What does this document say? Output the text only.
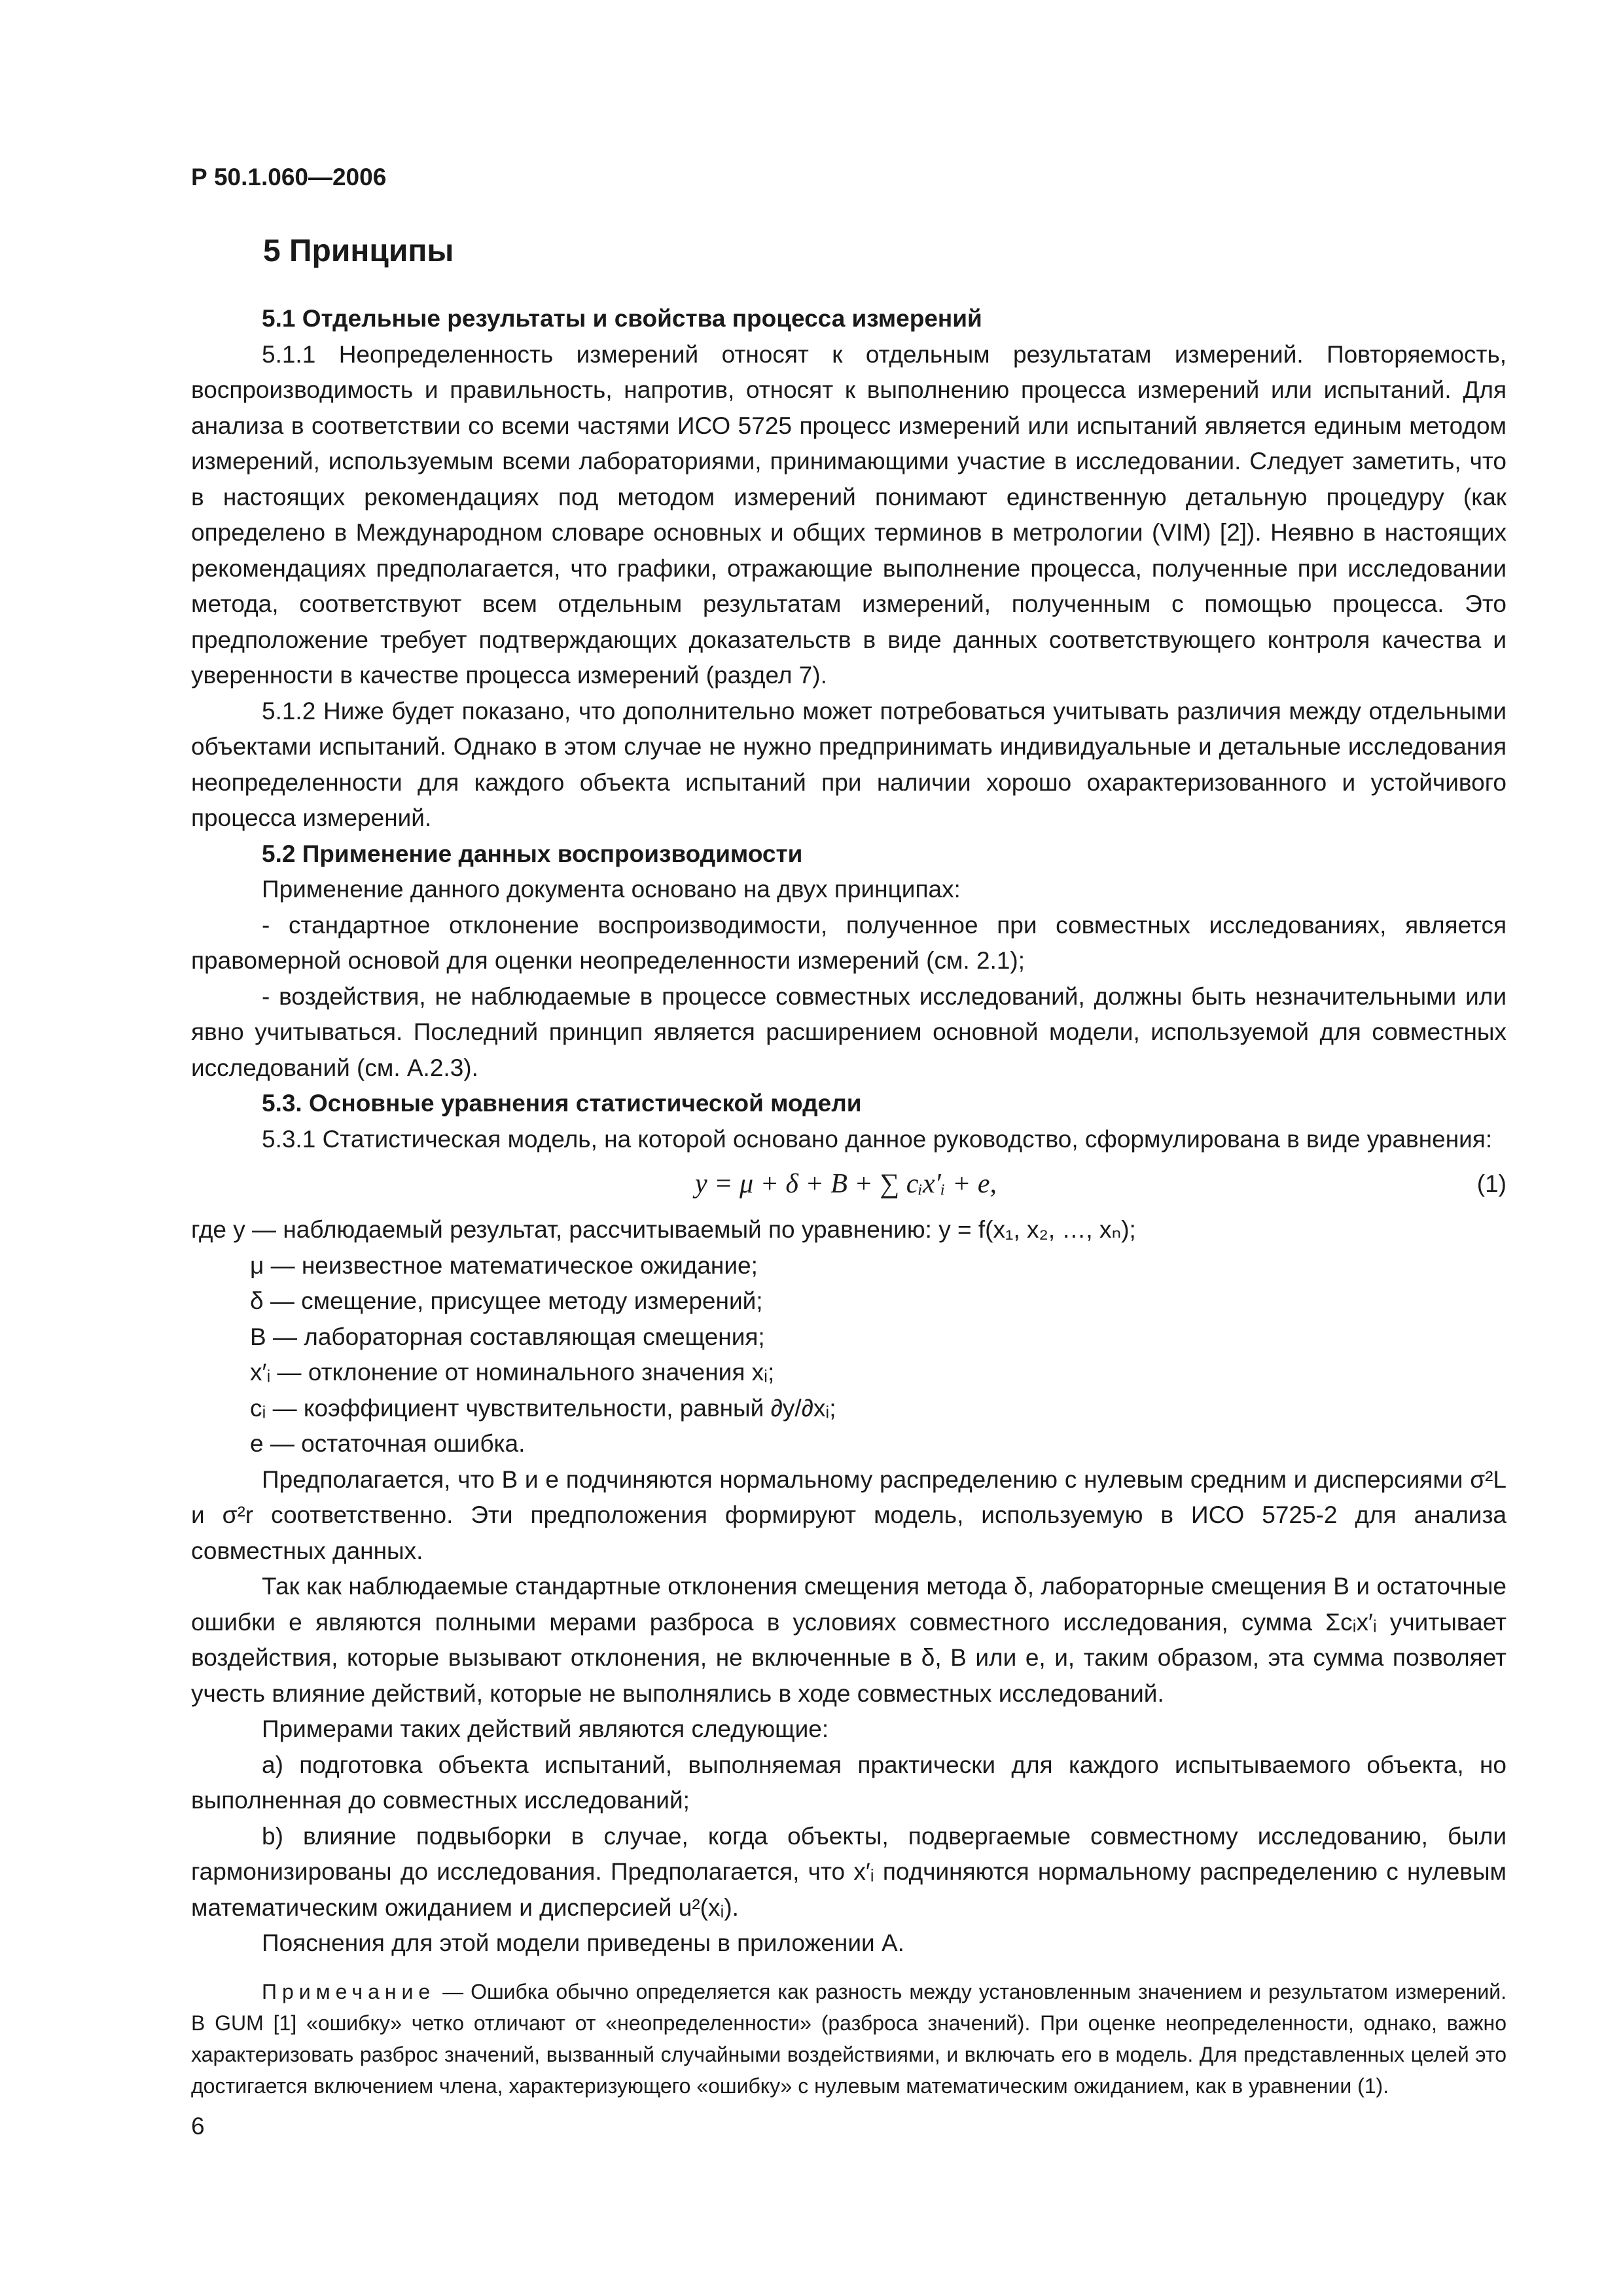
Р 50.1.060—2006
5 Принципы

5.1 Отдельные результаты и свойства процесса измерений

5.1.1 Неопределенность измерений относят к отдельным результатам измерений. Повторяемость, воспроизводимость и правильность, напротив, относят к выполнению процесса измерений или испытаний. Для анализа в соответствии со всеми частями ИСО 5725 процесс измерений или испытаний является единым методом измерений, используемым всеми лабораториями, принимающими участие в исследовании. Следует заметить, что в настоящих рекомендациях под методом измерений понимают единственную детальную процедуру (как определено в Международном словаре основных и общих терминов в метрологии (VIM) [2]). Неявно в настоящих рекомендациях предполагается, что графики, отражающие выполнение процесса, полученные при исследовании метода, соответствуют всем отдельным результатам измерений, полученным с помощью процесса. Это предположение требует подтверждающих доказательств в виде данных соответствующего контроля качества и уверенности в качестве процесса измерений (раздел 7).

5.1.2 Ниже будет показано, что дополнительно может потребоваться учитывать различия между отдельными объектами испытаний. Однако в этом случае не нужно предпринимать индивидуальные и детальные исследования неопределенности для каждого объекта испытаний при наличии хорошо охарактеризованного и устойчивого процесса измерений.

5.2 Применение данных воспроизводимости

Применение данного документа основано на двух принципах:

- стандартное отклонение воспроизводимости, полученное при совместных исследованиях, является правомерной основой для оценки неопределенности измерений (см. 2.1);

- воздействия, не наблюдаемые в процессе совместных исследований, должны быть незначительными или явно учитываться. Последний принцип является расширением основной модели, используемой для совместных исследований (см. А.2.3).

5.3. Основные уравнения статистической модели

5.3.1 Статистическая модель, на которой основано данное руководство, сформулирована в виде уравнения:

y = μ + δ + B + ∑ cᵢx′ᵢ + e,	(1)

где y — наблюдаемый результат, рассчитываемый по уравнению: y = f(x₁, x₂, …, xₙ);

μ — неизвестное математическое ожидание;

δ — смещение, присущее методу измерений;

B — лабораторная составляющая смещения;

x′ᵢ — отклонение от номинального значения xᵢ;

cᵢ — коэффициент чувствительности, равный ∂y/∂xᵢ;

e — остаточная ошибка.

Предполагается, что B и e подчиняются нормальному распределению с нулевым средним и дисперсиями σ²L и σ²r соответственно. Эти предположения формируют модель, используемую в ИСО 5725-2 для анализа совместных данных.

Так как наблюдаемые стандартные отклонения смещения метода δ, лабораторные смещения B и остаточные ошибки e являются полными мерами разброса в условиях совместного исследования, сумма Σcᵢx′ᵢ учитывает воздействия, которые вызывают отклонения, не включенные в δ, B или e, и, таким образом, эта сумма позволяет учесть влияние действий, которые не выполнялись в ходе совместных исследований.

Примерами таких действий являются следующие:

a) подготовка объекта испытаний, выполняемая практически для каждого испытываемого объекта, но выполненная до совместных исследований;

b) влияние подвыборки в случае, когда объекты, подвергаемые совместному исследованию, были гармонизированы до исследования. Предполагается, что x′ᵢ подчиняются нормальному распределению с нулевым математическим ожиданием и дисперсией u²(xᵢ).

Пояснения для этой модели приведены в приложении А.

Примечание — Ошибка обычно определяется как разность между установленным значением и результатом измерений. В GUM [1] «ошибку» четко отличают от «неопределенности» (разброса значений). При оценке неопределенности, однако, важно характеризовать разброс значений, вызванный случайными воздействиями, и включать его в модель. Для представленных целей это достигается включением члена, характеризующего «ошибку» с нулевым математическим ожиданием, как в уравнении (1).

6
